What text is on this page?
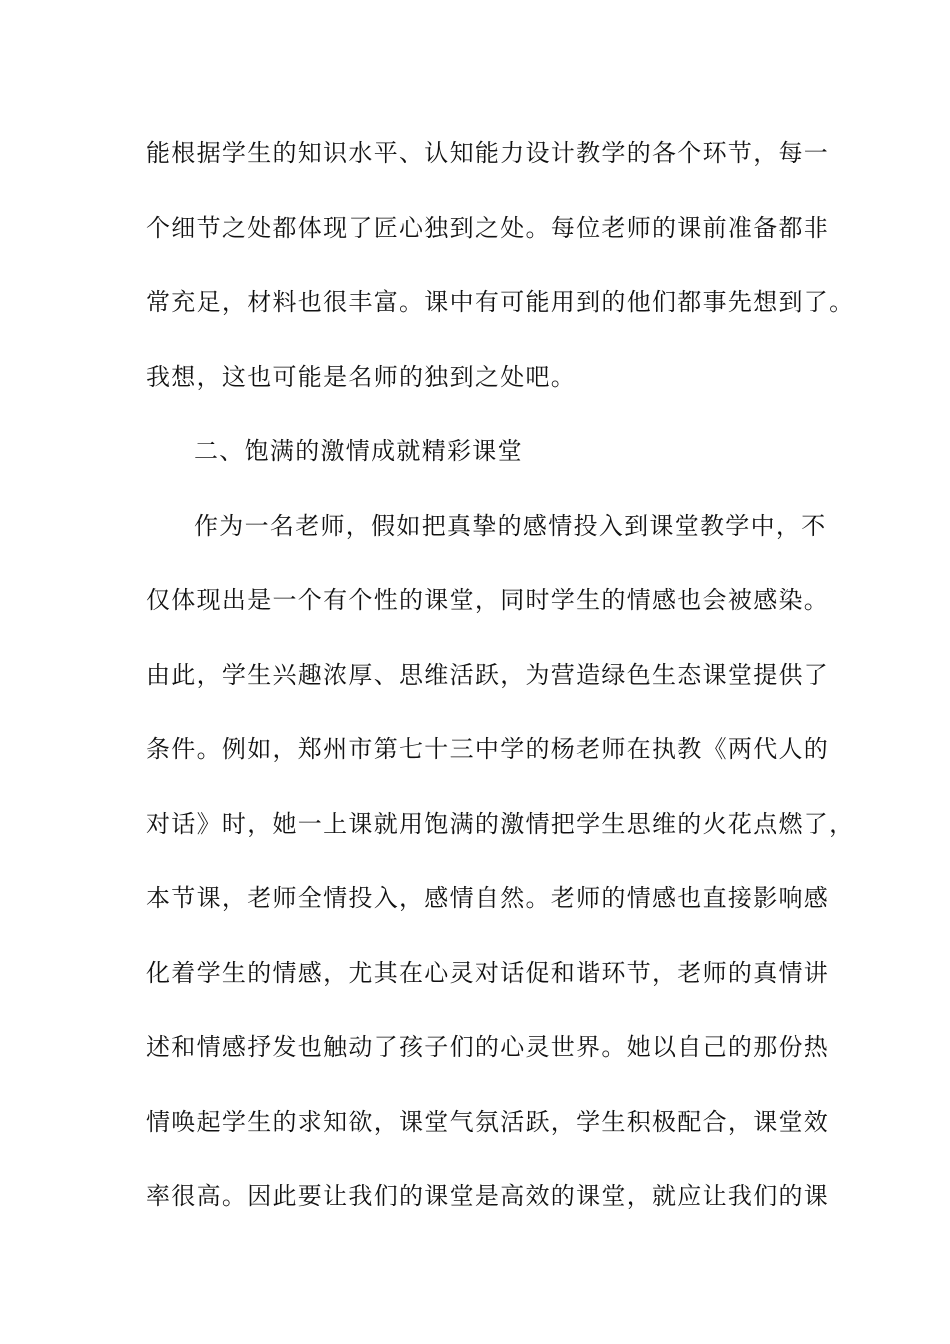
能根据学生的知识水平、认知能力设计教学的各个环节，每一
个细节之处都体现了匠心独到之处。每位老师的课前准备都非
常充足，材料也很丰富。课中有可能用到的他们都事先想到了。
我想，这也可能是名师的独到之处吧。
二、饱满的激情成就精彩课堂
作为一名老师，假如把真挚的感情投入到课堂教学中，不
仅体现出是一个有个性的课堂，同时学生的情感也会被感染。
由此，学生兴趣浓厚、思维活跃，为营造绿色生态课堂提供了
条件。例如，郑州市第七十三中学的杨老师在执教《两代人的
对话》时，她一上课就用饱满的激情把学生思维的火花点燃了，
本节课，老师全情投入，感情自然。老师的情感也直接影响感
化着学生的情感，尤其在心灵对话促和谐环节，老师的真情讲
述和情感抒发也触动了孩子们的心灵世界。她以自己的那份热
情唤起学生的求知欲，课堂气氛活跃，学生积极配合，课堂效
率很高。因此要让我们的课堂是高效的课堂，就应让我们的课
